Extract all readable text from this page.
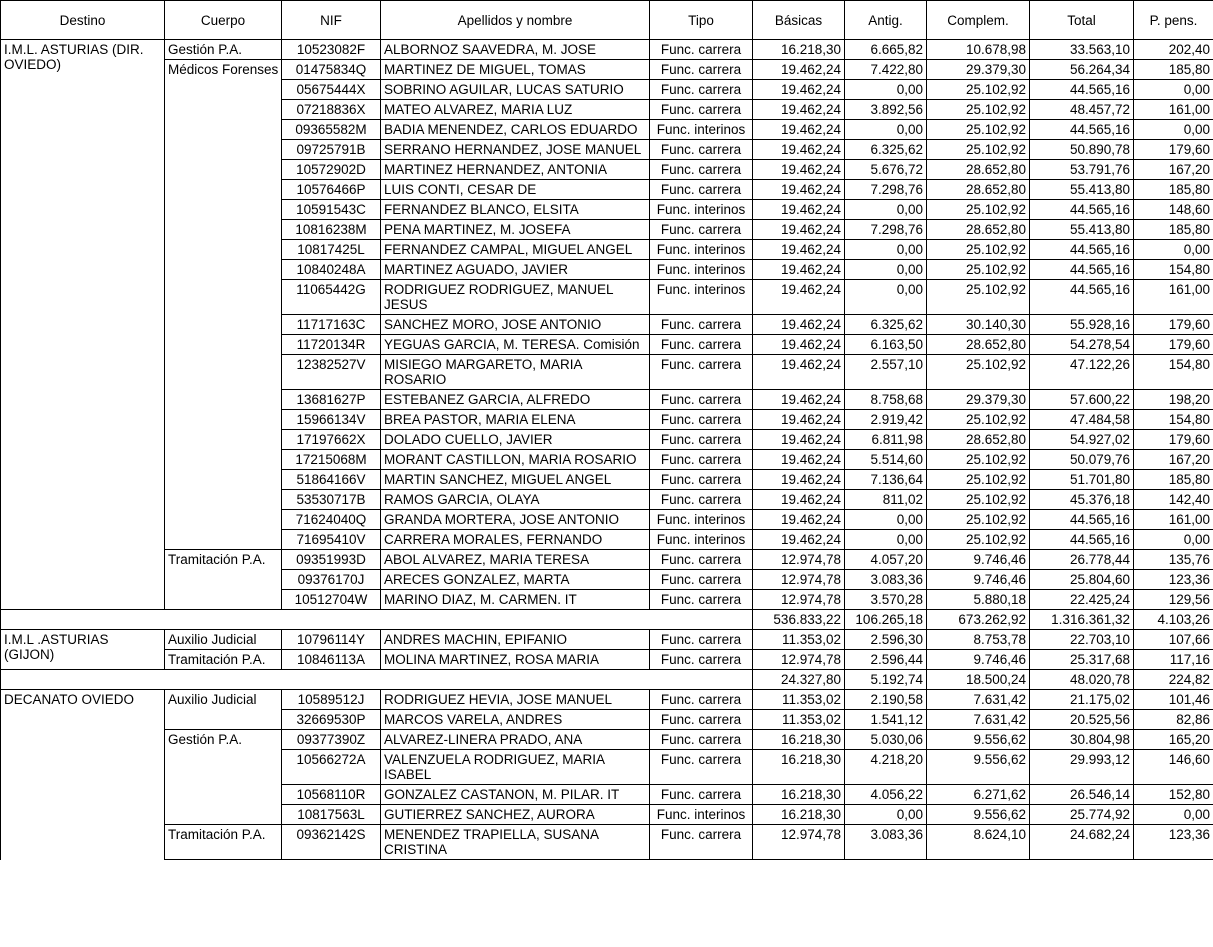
Destino	Cuerpo	NIF	Apellidos y nombre	Tipo	Básicas	Antig.	Complem.	Total	P. pens.
I.M.L. ASTURIAS (DIR. OVIEDO)	Gestión P.A.	10523082F	ALBORNOZ SAAVEDRA, M. JOSE	Func. carrera	16.218,30	6.665,82	10.678,98	33.563,10	202,40
	Médicos Forenses	01475834Q	MARTINEZ DE MIGUEL, TOMAS	Func. carrera	19.462,24	7.422,80	29.379,30	56.264,34	185,80
		05675444X	SOBRINO AGUILAR, LUCAS SATURIO	Func. carrera	19.462,24	0,00	25.102,92	44.565,16	0,00
		07218836X	MATEO ALVAREZ, MARIA LUZ	Func. carrera	19.462,24	3.892,56	25.102,92	48.457,72	161,00
		09365582M	BADIA MENENDEZ, CARLOS EDUARDO	Func. interinos	19.462,24	0,00	25.102,92	44.565,16	0,00
		09725791B	SERRANO HERNANDEZ, JOSE MANUEL	Func. carrera	19.462,24	6.325,62	25.102,92	50.890,78	179,60
		10572902D	MARTINEZ HERNANDEZ, ANTONIA	Func. carrera	19.462,24	5.676,72	28.652,80	53.791,76	167,20
		10576466P	LUIS CONTI, CESAR DE	Func. carrera	19.462,24	7.298,76	28.652,80	55.413,80	185,80
		10591543C	FERNANDEZ BLANCO, ELSITA	Func. interinos	19.462,24	0,00	25.102,92	44.565,16	148,60
		10816238M	PENA MARTINEZ, M. JOSEFA	Func. carrera	19.462,24	7.298,76	28.652,80	55.413,80	185,80
		10817425L	FERNANDEZ CAMPAL, MIGUEL ANGEL	Func. interinos	19.462,24	0,00	25.102,92	44.565,16	0,00
		10840248A	MARTINEZ AGUADO, JAVIER	Func. interinos	19.462,24	0,00	25.102,92	44.565,16	154,80
		11065442G	RODRIGUEZ RODRIGUEZ, MANUEL JESUS	Func. interinos	19.462,24	0,00	25.102,92	44.565,16	161,00
		11717163C	SANCHEZ MORO, JOSE ANTONIO	Func. carrera	19.462,24	6.325,62	30.140,30	55.928,16	179,60
		11720134R	YEGUAS GARCIA, M. TERESA. Comisión	Func. carrera	19.462,24	6.163,50	28.652,80	54.278,54	179,60
		12382527V	MISIEGO MARGARETO, MARIA ROSARIO	Func. carrera	19.462,24	2.557,10	25.102,92	47.122,26	154,80
		13681627P	ESTEBANEZ GARCIA, ALFREDO	Func. carrera	19.462,24	8.758,68	29.379,30	57.600,22	198,20
		15966134V	BREA PASTOR, MARIA ELENA	Func. carrera	19.462,24	2.919,42	25.102,92	47.484,58	154,80
		17197662X	DOLADO CUELLO, JAVIER	Func. carrera	19.462,24	6.811,98	28.652,80	54.927,02	179,60
		17215068M	MORANT CASTILLON, MARIA ROSARIO	Func. carrera	19.462,24	5.514,60	25.102,92	50.079,76	167,20
		51864166V	MARTIN SANCHEZ, MIGUEL ANGEL	Func. carrera	19.462,24	7.136,64	25.102,92	51.701,80	185,80
		53530717B	RAMOS GARCIA, OLAYA	Func. carrera	19.462,24	811,02	25.102,92	45.376,18	142,40
		71624040Q	GRANDA MORTERA, JOSE ANTONIO	Func. interinos	19.462,24	0,00	25.102,92	44.565,16	161,00
		71695410V	CARRERA MORALES, FERNANDO	Func. interinos	19.462,24	0,00	25.102,92	44.565,16	0,00
	Tramitación P.A.	09351993D	ABOL ALVAREZ, MARIA TERESA	Func. carrera	12.974,78	4.057,20	9.746,46	26.778,44	135,76
		09376170J	ARECES GONZALEZ, MARTA	Func. carrera	12.974,78	3.083,36	9.746,46	25.804,60	123,36
		10512704W	MARINO DIAZ, M. CARMEN. IT	Func. carrera	12.974,78	3.570,28	5.880,18	22.425,24	129,56
					536.833,22	106.265,18	673.262,92	1.316.361,32	4.103,26
I.M.L .ASTURIAS (GIJON)	Auxilio Judicial	10796114Y	ANDRES MACHIN, EPIFANIO	Func. carrera	11.353,02	2.596,30	8.753,78	22.703,10	107,66
	Tramitación P.A.	10846113A	MOLINA MARTINEZ, ROSA MARIA	Func. carrera	12.974,78	2.596,44	9.746,46	25.317,68	117,16
					24.327,80	5.192,74	18.500,24	48.020,78	224,82
DECANATO OVIEDO	Auxilio Judicial	10589512J	RODRIGUEZ HEVIA, JOSE MANUEL	Func. carrera	11.353,02	2.190,58	7.631,42	21.175,02	101,46
		32669530P	MARCOS VARELA, ANDRES	Func. carrera	11.353,02	1.541,12	7.631,42	20.525,56	82,86
	Gestión P.A.	09377390Z	ALVAREZ-LINERA PRADO, ANA	Func. carrera	16.218,30	5.030,06	9.556,62	30.804,98	165,20
		10566272A	VALENZUELA RODRIGUEZ, MARIA ISABEL	Func. carrera	16.218,30	4.218,20	9.556,62	29.993,12	146,60
		10568110R	GONZALEZ CASTANON, M. PILAR. IT	Func. carrera	16.218,30	4.056,22	6.271,62	26.546,14	152,80
		10817563L	GUTIERREZ SANCHEZ, AURORA	Func. interinos	16.218,30	0,00	9.556,62	25.774,92	0,00
	Tramitación P.A.	09362142S	MENENDEZ TRAPIELLA, SUSANA CRISTINA	Func. carrera	12.974,78	3.083,36	8.624,10	24.682,24	123,36
